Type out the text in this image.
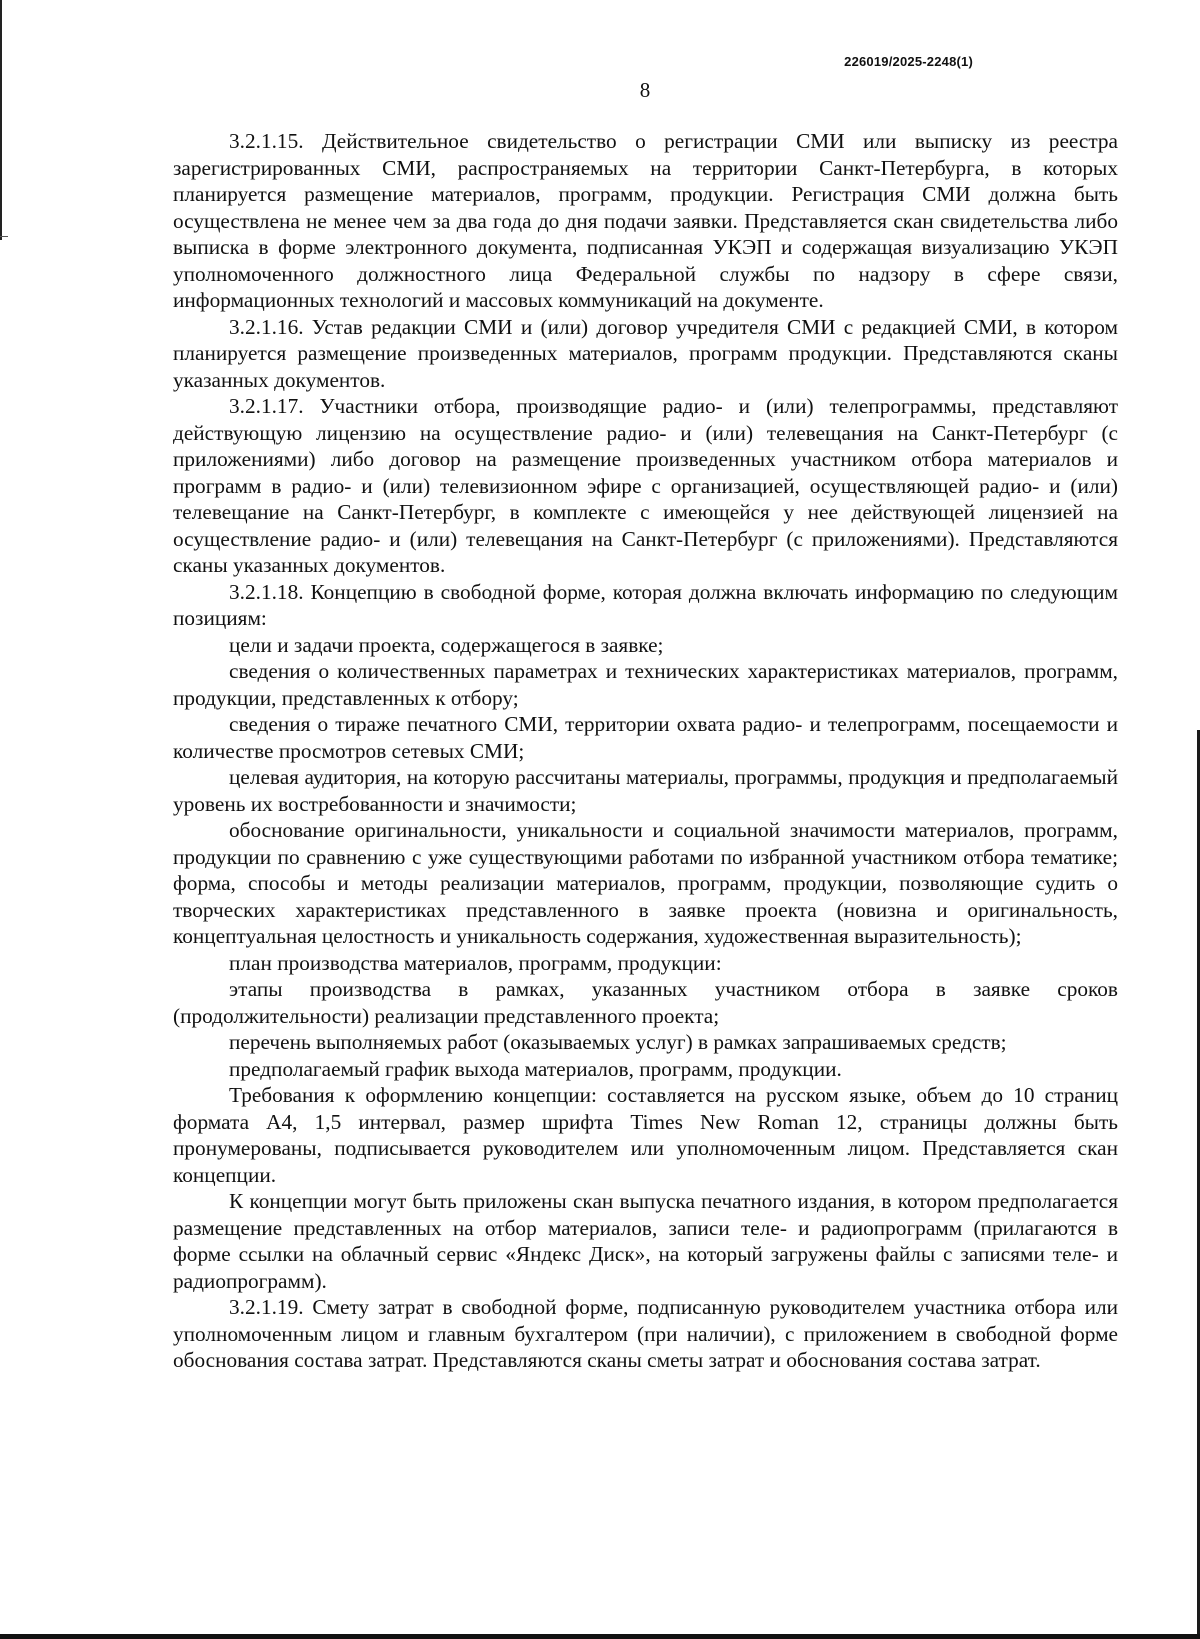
226019/2025-2248(1)
8

3.2.1.15. Действительное свидетельство о регистрации СМИ или выписку из реестра зарегистрированных СМИ, распространяемых на территории Санкт-Петербурга, в которых планируется размещение материалов, программ, продукции. Регистрация СМИ должна быть осуществлена не менее чем за два года до дня подачи заявки. Представляется скан свидетельства либо выписка в форме электронного документа, подписанная УКЭП и содержащая визуализацию УКЭП уполномоченного должностного лица Федеральной службы по надзору в сфере связи, информационных технологий и массовых коммуникаций на документе.

3.2.1.16. Устав редакции СМИ и (или) договор учредителя СМИ с редакцией СМИ, в котором планируется размещение произведенных материалов, программ продукции. Представляются сканы указанных документов.

3.2.1.17. Участники отбора, производящие радио- и (или) телепрограммы, представляют действующую лицензию на осуществление радио- и (или) телевещания на Санкт-Петербург (с приложениями) либо договор на размещение произведенных участником отбора материалов и программ в радио- и (или) телевизионном эфире с организацией, осуществляющей радио- и (или) телевещание на Санкт-Петербург, в комплекте с имеющейся у нее действующей лицензией на осуществление радио- и (или) телевещания на Санкт-Петербург (с приложениями). Представляются сканы указанных документов.

3.2.1.18. Концепцию в свободной форме, которая должна включать информацию по следующим позициям:

цели и задачи проекта, содержащегося в заявке;

сведения о количественных параметрах и технических характеристиках материалов, программ, продукции, представленных к отбору;

сведения о тираже печатного СМИ, территории охвата радио- и телепрограмм, посещаемости и количестве просмотров сетевых СМИ;

целевая аудитория, на которую рассчитаны материалы, программы, продукция и предполагаемый уровень их востребованности и значимости;

обоснование оригинальности, уникальности и социальной значимости материалов, программ, продукции по сравнению с уже существующими работами по избранной участником отбора тематике; форма, способы и методы реализации материалов, программ, продукции, позволяющие судить о творческих характеристиках представленного в заявке проекта (новизна и оригинальность, концептуальная целостность и уникальность содержания, художественная выразительность);

план производства материалов, программ, продукции:

этапы производства в рамках, указанных участником отбора в заявке сроков (продолжительности) реализации представленного проекта;

перечень выполняемых работ (оказываемых услуг) в рамках запрашиваемых средств;

предполагаемый график выхода материалов, программ, продукции.

Требования к оформлению концепции: составляется на русском языке, объем до 10 страниц формата А4, 1,5 интервал, размер шрифта Times New Roman 12, страницы должны быть пронумерованы, подписывается руководителем или уполномоченным лицом. Представляется скан концепции.

К концепции могут быть приложены скан выпуска печатного издания, в котором предполагается размещение представленных на отбор материалов, записи теле- и радиопрограмм (прилагаются в форме ссылки на облачный сервис «Яндекс Диск», на который загружены файлы с записями теле- и радиопрограмм).

3.2.1.19. Смету затрат в свободной форме, подписанную руководителем участника отбора или уполномоченным лицом и главным бухгалтером (при наличии), с приложением в свободной форме обоснования состава затрат. Представляются сканы сметы затрат и обоснования состава затрат.
